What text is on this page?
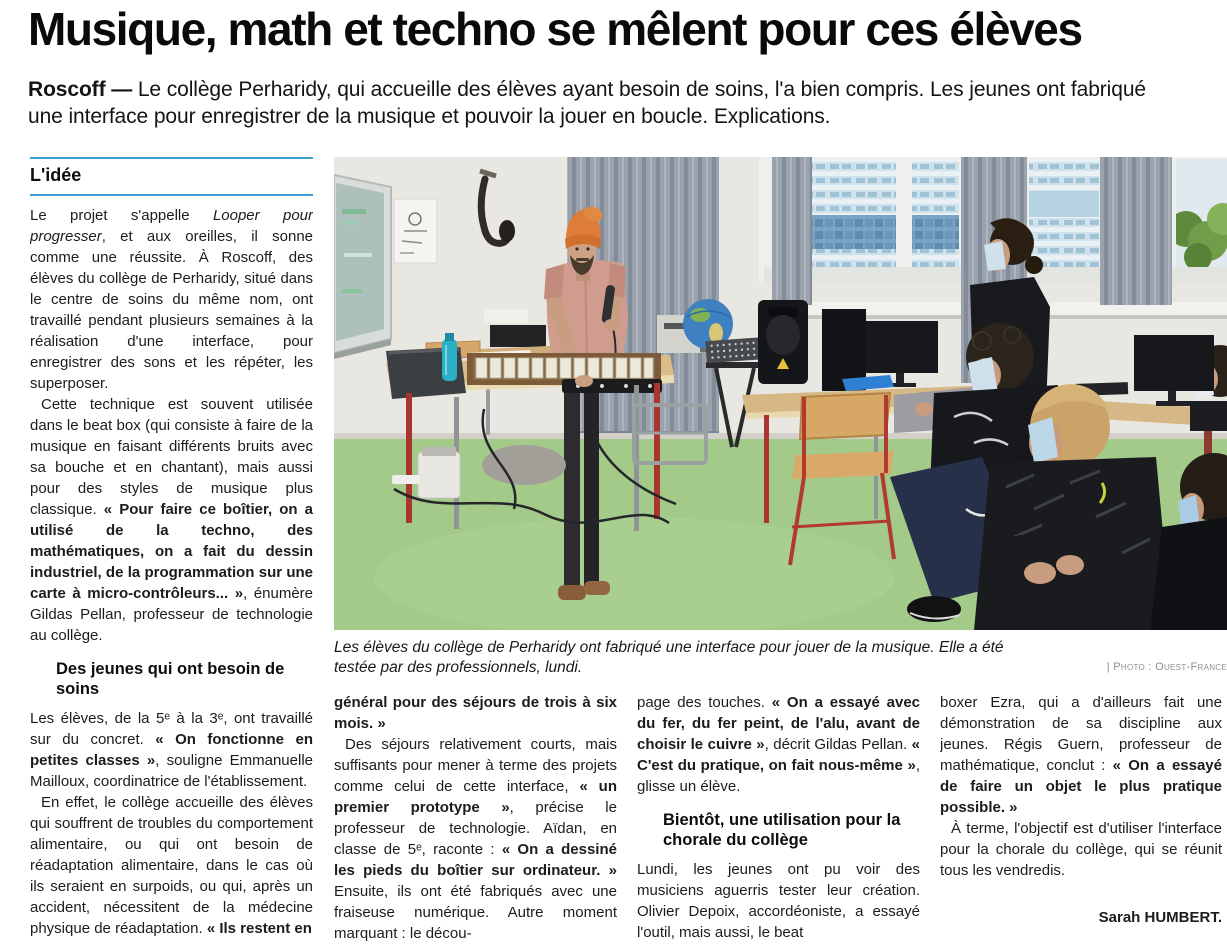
Musique, math et techno se mêlent pour ces élèves

Roscoff — Le collège Perharidy, qui accueille des élèves ayant besoin de soins, l'a bien compris. Les jeunes ont fabriqué une interface pour enregistrer de la musique et pouvoir la jouer en boucle. Explications.

L'idée

Le projet s'appelle Looper pour progresser, et aux oreilles, il sonne comme une réussite. À Roscoff, des élèves du collège de Perharidy, situé dans le centre de soins du même nom, ont travaillé pendant plusieurs semaines à la réalisation d'une interface, pour enregistrer des sons et les répéter, les superposer.

Cette technique est souvent utilisée dans le beat box (qui consiste à faire de la musique en faisant différents bruits avec sa bouche et en chantant), mais aussi pour des styles de musique plus classique. « Pour faire ce boîtier, on a utilisé de la techno, des mathématiques, on a fait du dessin industriel, de la programmation sur une carte à micro-contrôleurs... », énumère Gildas Pellan, professeur de technologie au collège.

Des jeunes qui ont besoin de soins

Les élèves, de la 5ᵉ à la 3ᵉ, ont travaillé sur du concret. « On fonctionne en petites classes », souligne Emmanuelle Mailloux, coordinatrice de l'établissement.

En effet, le collège accueille des élèves qui souffrent de troubles du comportement alimentaire, ou qui ont besoin de réadaptation alimentaire, dans le cas où ils seraient en surpoids, ou qui, après un accident, nécessitent de la médecine physique de réadaptation. « Ils restent en

Les élèves du collège de Perharidy ont fabriqué une interface pour jouer de la musique. Elle a été testée par des professionnels, lundi.	| Photo : Ouest-France

général pour des séjours de trois à six mois. »

Des séjours relativement courts, mais suffisants pour mener à terme des projets comme celui de cette interface, « un premier prototype », précise le professeur de technologie. Aïdan, en classe de 5ᵉ, raconte : « On a dessiné les pieds du boîtier sur ordinateur. » Ensuite, ils ont été fabriqués avec une fraiseuse numérique. Autre moment marquant : le décou-

page des touches. « On a essayé avec du fer, du fer peint, de l'alu, avant de choisir le cuivre », décrit Gildas Pellan. « C'est du pratique, on fait nous-même », glisse un élève.

Bientôt, une utilisation pour la chorale du collège

Lundi, les jeunes ont pu voir des musiciens aguerris tester leur création. Olivier Depoix, accordéoniste, a essayé l'outil, mais aussi, le beat

boxer Ezra, qui a d'ailleurs fait une démonstration de sa discipline aux jeunes. Régis Guern, professeur de mathématique, conclut : « On a essayé de faire un objet le plus pratique possible. »

À terme, l'objectif est d'utiliser l'interface pour la chorale du collège, qui se réunit tous les vendredis.

Sarah HUMBERT.
